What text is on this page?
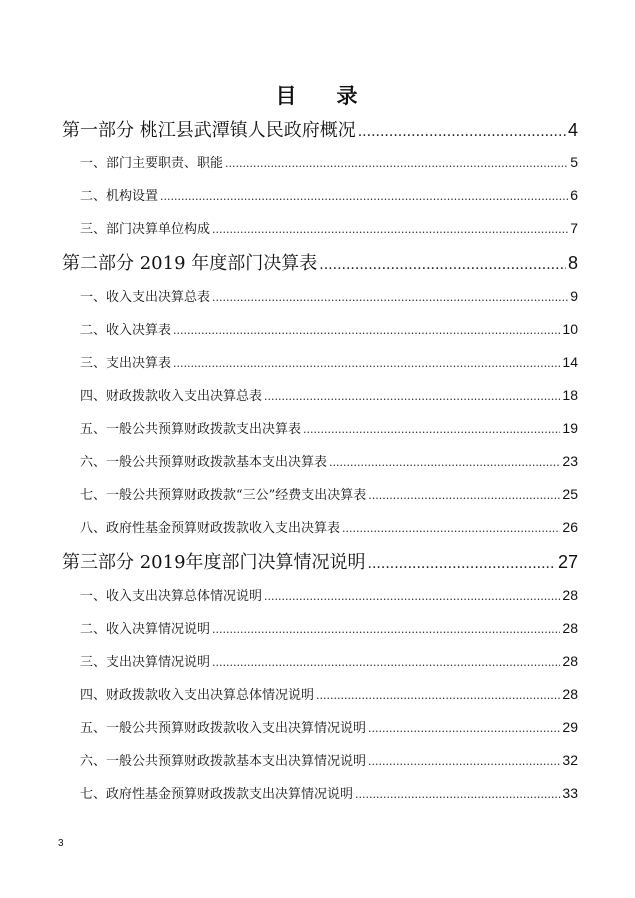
目 录
第一部分 桃江县武潭镇人民政府概况 .....	4
一、部门主要职责、职能 .....	5
二、机构设置 .....	6
三、部门决算单位构成 .....	7
第二部分 2019 年度部门决算表 .....	8
一、收入支出决算总表 .....	9
二、收入决算表 .....	10
三、支出决算表 .....	14
四、财政拨款收入支出决算总表 .....	18
五、一般公共预算财政拨款支出决算表 .....	19
六、一般公共预算财政拨款基本支出决算表 .....	23
七、一般公共预算财政拨款“三公”经费支出决算表 .....	25
八、政府性基金预算财政拨款收入支出决算表 .....	26
第三部分 2019年度部门决算情况说明 .....	27
一、收入支出决算总体情况说明 .....	28
二、收入决算情况说明 .....	28
三、支出决算情况说明 .....	28
四、财政拨款收入支出决算总体情况说明 .....	28
五、一般公共预算财政拨款收入支出决算情况说明 .....	29
六、一般公共预算财政拨款基本支出决算情况说明 .....	32
七、政府性基金预算财政拨款支出决算情况说明 .....	33
3
